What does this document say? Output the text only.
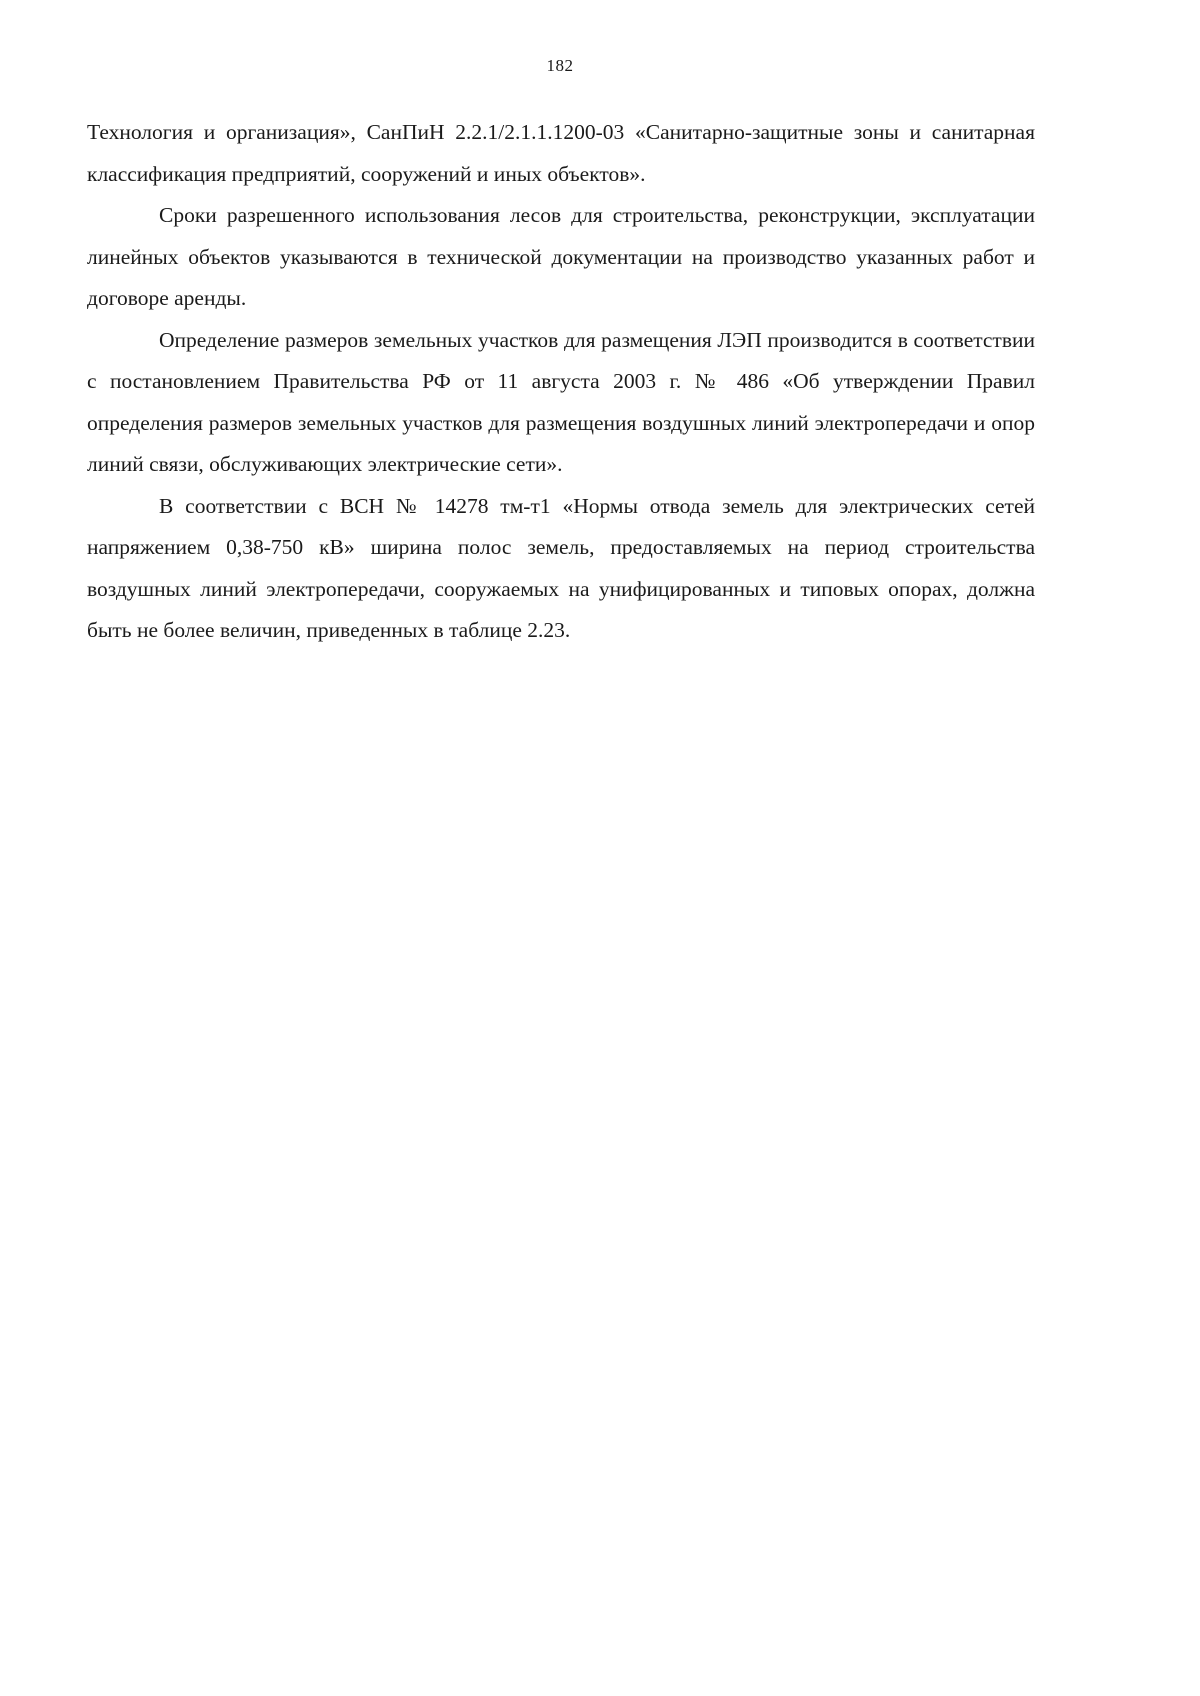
182

Технология и организация», СанПиН 2.2.1/2.1.1.1200-03 «Санитарно-защитные зоны и санитарная классификация предприятий, сооружений и иных объектов».

Сроки разрешенного использования лесов для строительства, реконструкции, эксплуатации линейных объектов указываются в технической документации на производство указанных работ и договоре аренды.

Определение размеров земельных участков для размещения ЛЭП производится в соответствии с постановлением Правительства РФ от 11 августа 2003 г. № 486 «Об утверждении Правил определения размеров земельных участков для размещения воздушных линий электропередачи и опор линий связи, обслуживающих электрические сети».

В соответствии с ВСН № 14278 тм-т1 «Нормы отвода земель для электрических сетей напряжением 0,38-750 кВ» ширина полос земель, предоставляемых на период строительства воздушных линий электропередачи, сооружаемых на унифицированных и типовых опорах, должна быть не более величин, приведенных в таблице 2.23.
